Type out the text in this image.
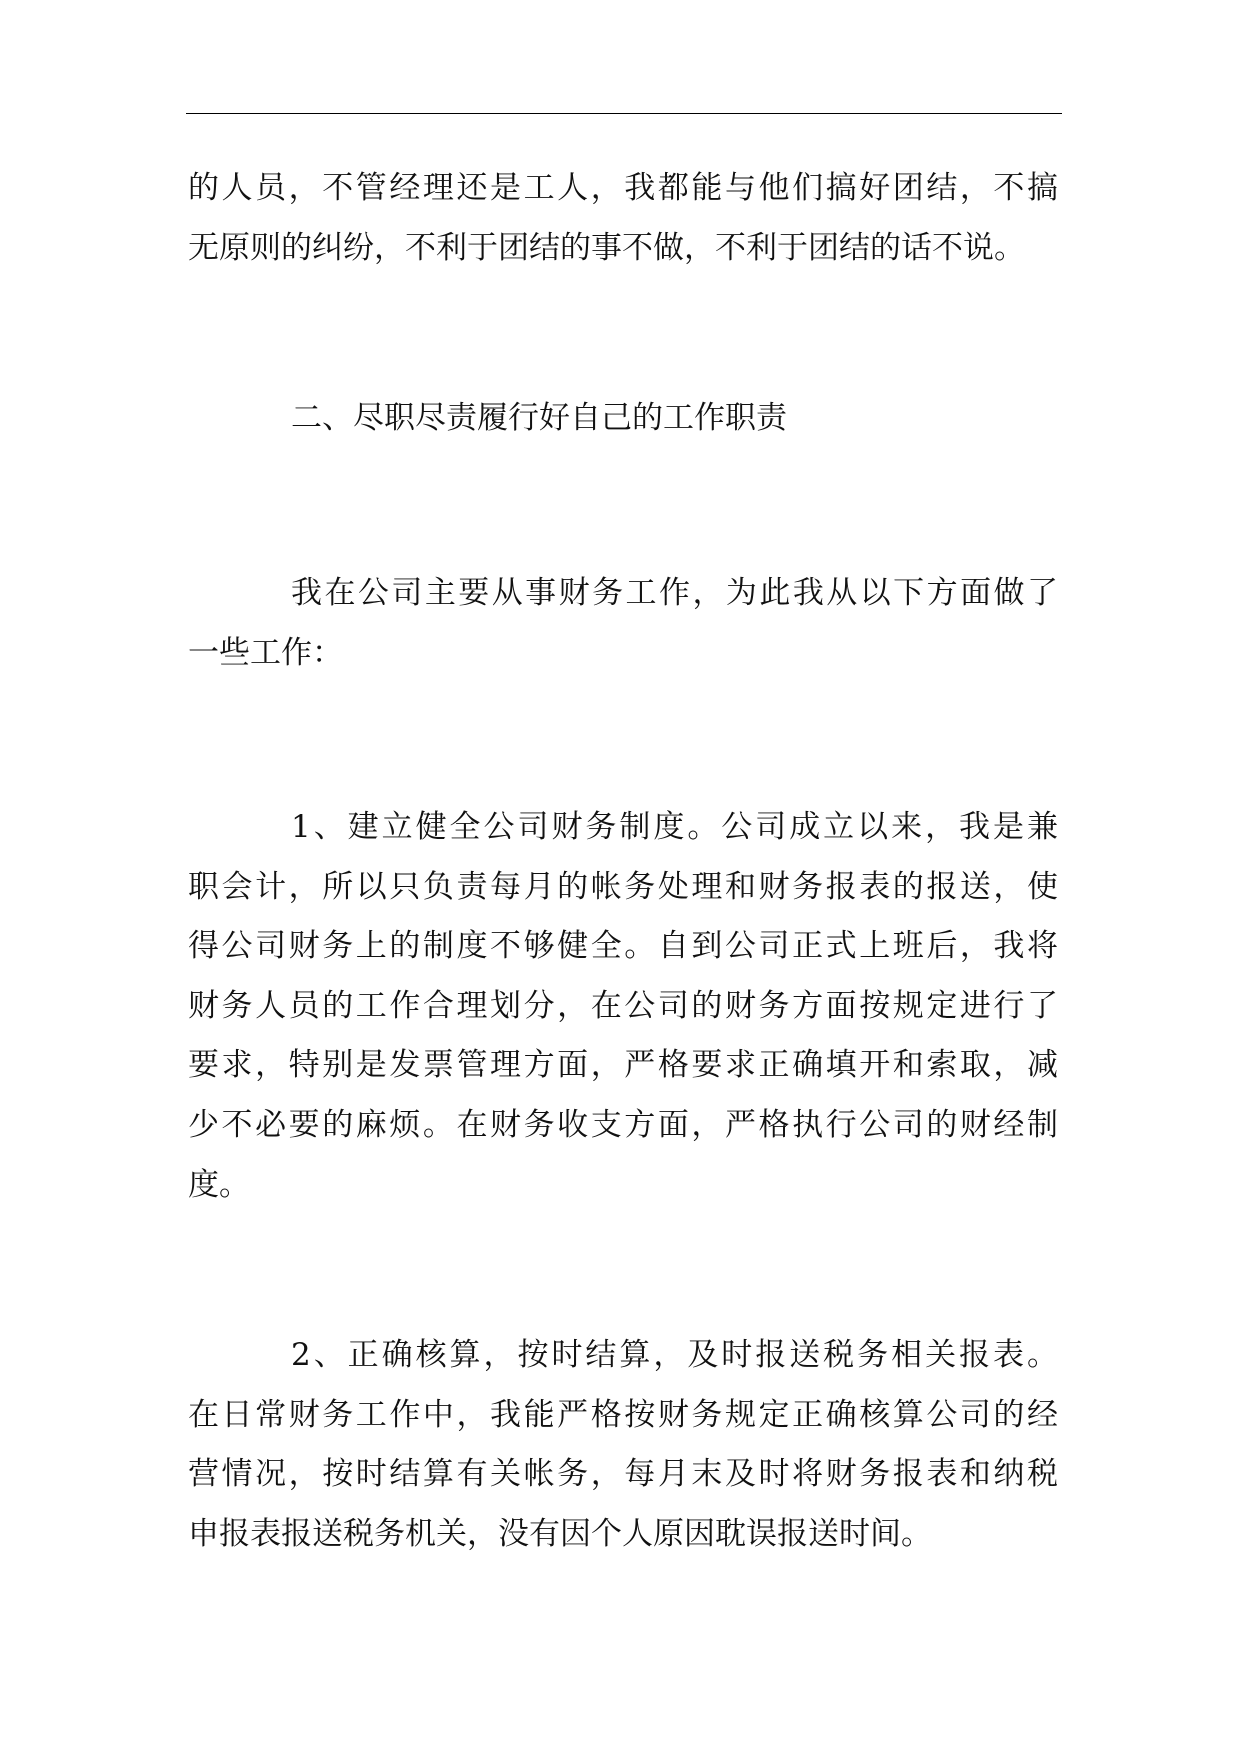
的人员，不管经理还是工人，我都能与他们搞好团结，不搞

无原则的纠纷，不利于团结的事不做，不利于团结的话不说。

二、尽职尽责履行好自己的工作职责

我在公司主要从事财务工作，为此我从以下方面做了

一些工作：

1、建立健全公司财务制度。公司成立以来，我是兼

职会计，所以只负责每月的帐务处理和财务报表的报送，使

得公司财务上的制度不够健全。自到公司正式上班后，我将

财务人员的工作合理划分，在公司的财务方面按规定进行了

要求，特别是发票管理方面，严格要求正确填开和索取，减

少不必要的麻烦。在财务收支方面，严格执行公司的财经制

度。

2、正确核算，按时结算，及时报送税务相关报表。

在日常财务工作中，我能严格按财务规定正确核算公司的经

营情况，按时结算有关帐务，每月末及时将财务报表和纳税

申报表报送税务机关，没有因个人原因耽误报送时间。
